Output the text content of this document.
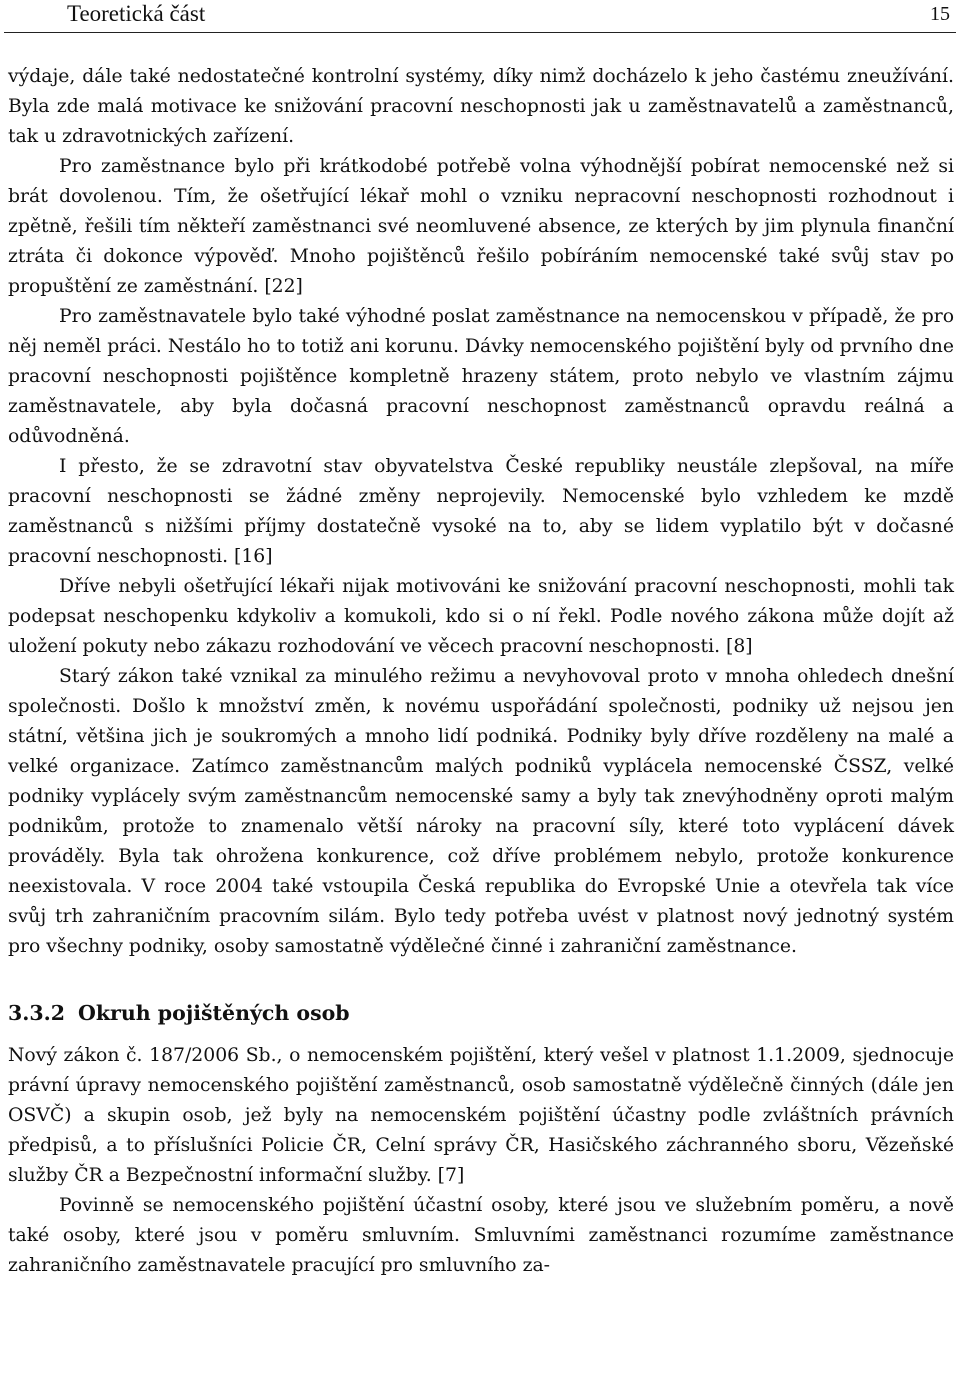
Teoretická část	15

výdaje, dále také nedostatečné kontrolní systémy, díky nimž docházelo k jeho častému zneužívání. Byla zde malá motivace ke snižování pracovní neschopnosti jak u zaměstnavatelů a zaměstnanců, tak u zdravotnických zařízení.

Pro zaměstnance bylo při krátkodobé potřebě volna výhodnější pobírat nemocenské než si brát dovolenou. Tím, že ošetřující lékař mohl o vzniku nepracovní neschopnosti rozhodnout i zpětně, řešili tím někteří zaměstnanci své neomluvené absence, ze kterých by jim plynula finanční ztráta či dokonce výpověď. Mnoho pojištěnců řešilo pobíráním nemocenské také svůj stav po propuštění ze zaměstnání. [22]

Pro zaměstnavatele bylo také výhodné poslat zaměstnance na nemocenskou v případě, že pro něj neměl práci. Nestálo ho to totiž ani korunu. Dávky nemocenského pojištění byly od prvního dne pracovní neschopnosti pojištěnce kompletně hrazeny státem, proto nebylo ve vlastním zájmu zaměstnavatele, aby byla dočasná pracovní neschopnost zaměstnanců opravdu reálná a odůvodněná.

I přesto, že se zdravotní stav obyvatelstva České republiky neustále zlepšoval, na míře pracovní neschopnosti se žádné změny neprojevily. Nemocenské bylo vzhledem ke mzdě zaměstnanců s nižšími příjmy dostatečně vysoké na to, aby se lidem vyplatilo být v dočasné pracovní neschopnosti. [16]

Dříve nebyli ošetřující lékaři nijak motivováni ke snižování pracovní neschopnosti, mohli tak podepsat neschopenku kdykoliv a komukoli, kdo si o ní řekl. Podle nového zákona může dojít až uložení pokuty nebo zákazu rozhodování ve věcech pracovní neschopnosti. [8]

Starý zákon také vznikal za minulého režimu a nevyhovoval proto v mnoha ohledech dnešní společnosti. Došlo k množství změn, k novému uspořádání společnosti, podniky už nejsou jen státní, většina jich je soukromých a mnoho lidí podniká. Podniky byly dříve rozděleny na malé a velké organizace. Zatímco zaměstnancům malých podniků vyplácela nemocenské ČSSZ, velké podniky vyplácely svým zaměstnancům nemocenské samy a byly tak znevýhodněny oproti malým podnikům, protože to znamenalo větší nároky na pracovní síly, které toto vyplácení dávek prováděly. Byla tak ohrožena konkurence, což dříve problémem nebylo, protože konkurence neexistovala. V roce 2004 také vstoupila Česká republika do Evropské Unie a otevřela tak více svůj trh zahraničním pracovním silám. Bylo tedy potřeba uvést v platnost nový jednotný systém pro všechny podniky, osoby samostatně výdělečné činné i zahraniční zaměstnance.

3.3.2 Okruh pojištěných osob

Nový zákon č. 187/2006 Sb., o nemocenském pojištění, který vešel v platnost 1.1.2009, sjednocuje právní úpravy nemocenského pojištění zaměstnanců, osob samostatně výdělečně činných (dále jen OSVČ) a skupin osob, jež byly na nemocenském pojištění účastny podle zvláštních právních předpisů, a to příslušníci Policie ČR, Celní správy ČR, Hasičského záchranného sboru, Vězeňské služby ČR a Bezpečnostní informační služby. [7]

Povinně se nemocenského pojištění účastní osoby, které jsou ve služebním poměru, a nově také osoby, které jsou v poměru smluvním. Smluvními zaměstnanci rozumíme zaměstnance zahraničního zaměstnavatele pracující pro smluvního za-
